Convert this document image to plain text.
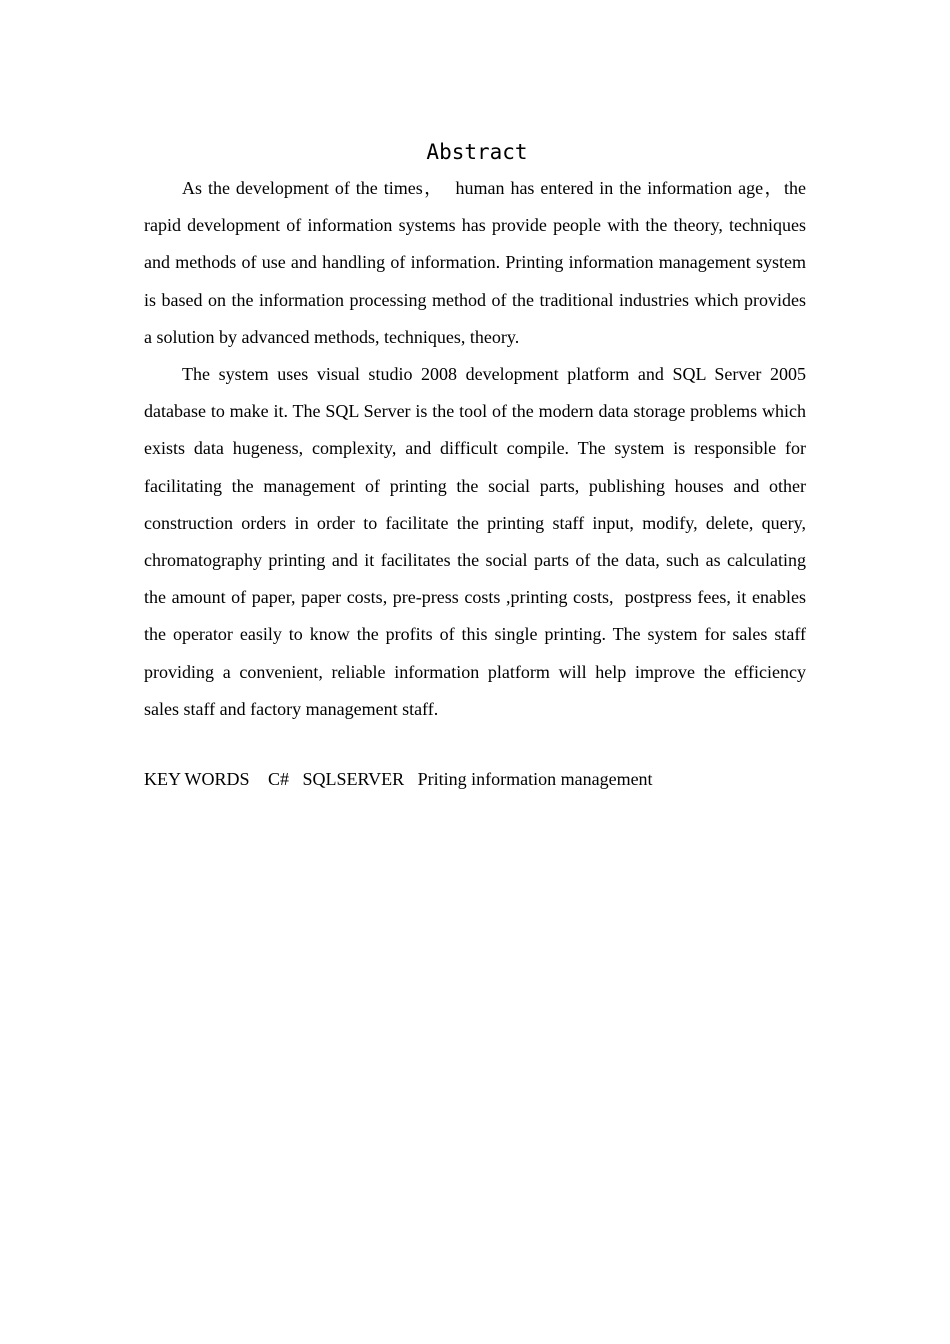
Abstract

As the development of the times，  human has entered in the information age，the rapid development of information systems has provide people with the theory, techniques and methods of use and handling of information. Printing information management system is based on the information processing method of the traditional industries which provides a solution by advanced methods, techniques, theory.

The system uses visual studio 2008 development platform and SQL Server 2005 database to make it. The SQL Server is the tool of the modern data storage problems which exists data hugeness, complexity, and difficult compile. The system is responsible for facilitating the management of printing the social parts, publishing houses and other construction orders in order to facilitate the printing staff input, modify, delete, query, chromatography printing and it facilitates the social parts of the data, such as calculating the amount of paper, paper costs, pre-press costs ,printing costs,  postpress fees, it enables the operator easily to know the profits of this single printing. The system for sales staff  providing a convenient, reliable information platform will help improve the efficiency  sales staff and factory management staff.

KEY WORDS C# SQLSERVER Priting information management
